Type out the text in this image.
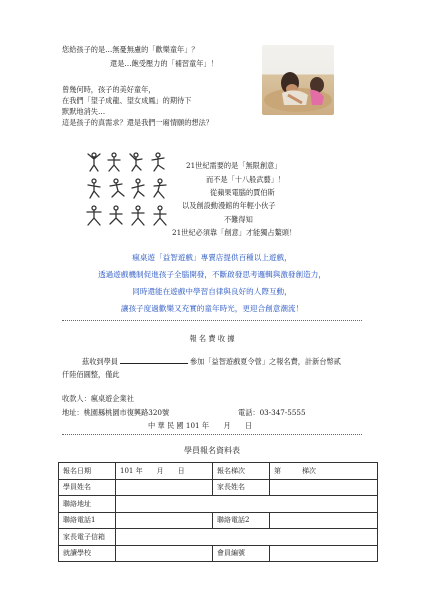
您給孩子的是…無憂無慮的「歡樂童年」？
還是…飽受壓力的「補習童年」！
曾幾何時，孩子的美好童年，
在我們「望子成龍、望女成鳳」的期待下
默默地消失…
這是孩子的真需求？還是我們一廂情願的想法？
21世紀需要的是「無限創意」
而不是「十八般武藝」！
從蘋果電腦的賈伯斯
以及創設動漫館的年輕小伙子
不難得知
21世紀必須靠「創意」才能獨占鰲頭！
瘋桌遊「益智遊戲」專賣店提供百種以上遊戲，
透過遊戲機制促進孩子全腦開發，不斷啟發思考邏輯與激發創造力，
同時還能在遊戲中學習自律與良好的人際互動，
讓孩子度過歡樂又充實的童年時光，更迎合創意潮流！
報 名 費 收 據
茲收到學員	參加「益智遊戲夏令營」之報名費，計新台幣貳
仟陸佰圓整，僅此
收款人：瘋桌遊企業社
地址：桃園縣桃園市復興路320號	電話：03-347-5555
中 華 民 國 101 年　　月　　日
學員報名資料表
報名日期	101 年　　月　　日	報名梯次	第　　　梯次
學員姓名		家長姓名	
聯絡地址			
聯絡電話1		聯絡電話2	
家長電子信箱			
就讀學校		會員編號	
